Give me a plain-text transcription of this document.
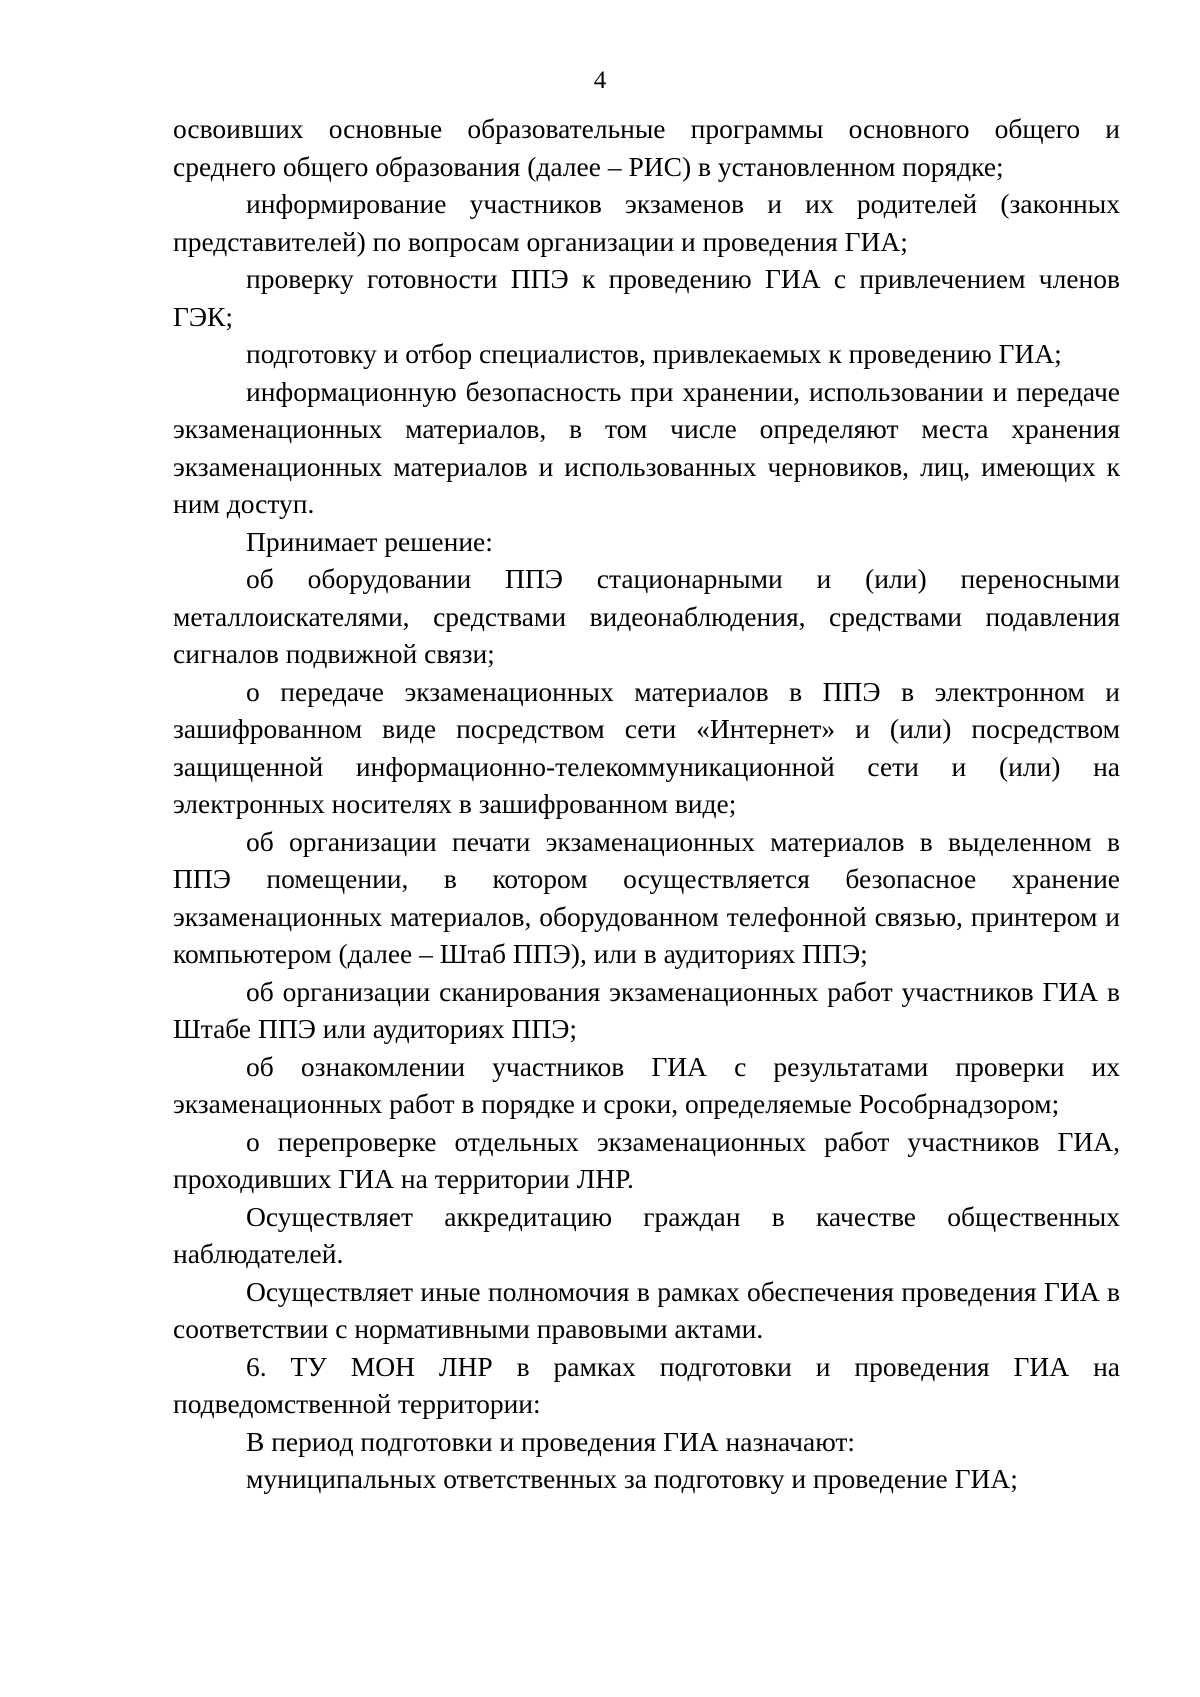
4

освоивших основные образовательные программы основного общего и среднего общего образования (далее – РИС) в установленном порядке;

информирование участников экзаменов и их родителей (законных представителей) по вопросам организации и проведения ГИА;

проверку готовности ППЭ к проведению ГИА с привлечением членов ГЭК;

подготовку и отбор специалистов, привлекаемых к проведению ГИА;

информационную безопасность при хранении, использовании и передаче экзаменационных материалов, в том числе определяют места хранения экзаменационных материалов и использованных черновиков, лиц, имеющих к ним доступ.

Принимает решение:

об оборудовании ППЭ стационарными и (или) переносными металлоискателями, средствами видеонаблюдения, средствами подавления сигналов подвижной связи;

о передаче экзаменационных материалов в ППЭ в электронном и зашифрованном виде посредством сети «Интернет» и (или) посредством защищенной информационно-телекоммуникационной сети и (или) на электронных носителях в зашифрованном виде;

об организации печати экзаменационных материалов в выделенном в ППЭ помещении, в котором осуществляется безопасное хранение экзаменационных материалов, оборудованном телефонной связью, принтером и компьютером (далее – Штаб ППЭ), или в аудиториях ППЭ;

об организации сканирования экзаменационных работ участников ГИА в Штабе ППЭ или аудиториях ППЭ;

об ознакомлении участников ГИА с результатами проверки их экзаменационных работ в порядке и сроки, определяемые Рособрнадзором;

о перепроверке отдельных экзаменационных работ участников ГИА, проходивших ГИА на территории ЛНР.

Осуществляет аккредитацию граждан в качестве общественных наблюдателей.

Осуществляет иные полномочия в рамках обеспечения проведения ГИА в соответствии с нормативными правовыми актами.

6. ТУ МОН ЛНР в рамках подготовки и проведения ГИА на подведомственной территории:

В период подготовки и проведения ГИА назначают:

муниципальных ответственных за подготовку и проведение ГИА;
